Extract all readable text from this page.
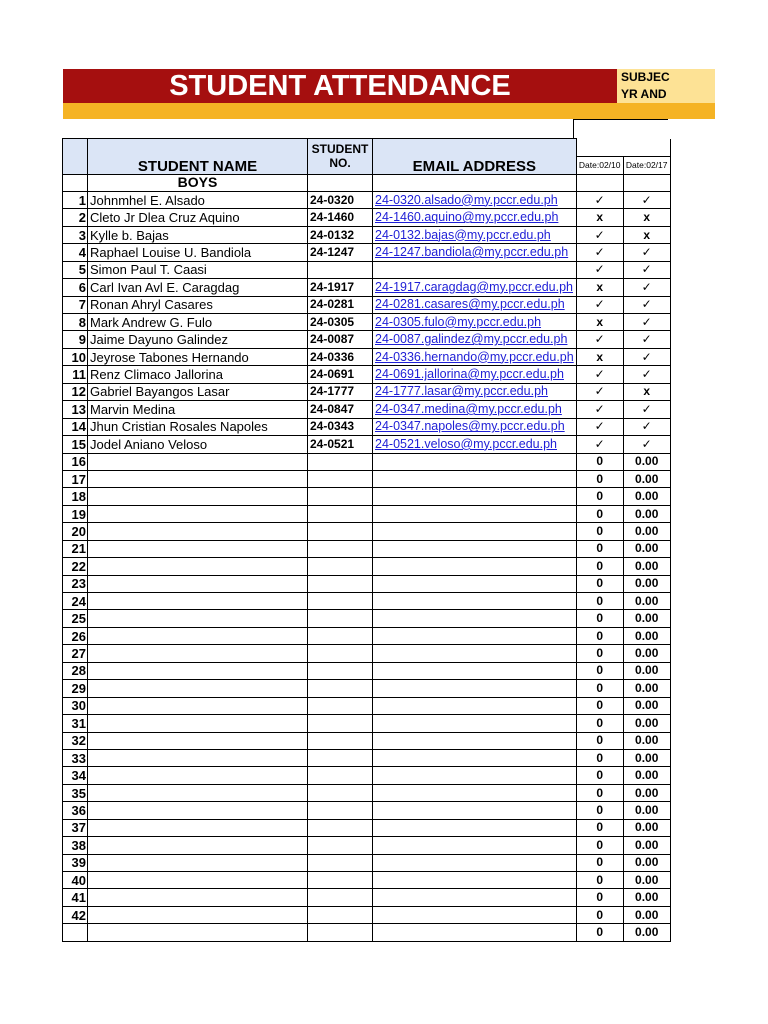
STUDENT ATTENDANCE	SUBJEC
YR AND
	STUDENT NAME	STUDENT NO.	EMAIL ADDRESS		
				Date:02/10	Date:02/17
	BOYS				
1	Johnmhel E. Alsado	24-0320	24-0320.alsado@my.pccr.edu.ph	✓	✓
2	Cleto Jr Dlea Cruz Aquino	24-1460	24-1460.aquino@my.pccr.edu.ph	x	x
3	Kylle b. Bajas	24-0132	24-0132.bajas@my.pccr.edu.ph	✓	x
4	Raphael Louise U. Bandiola	24-1247	24-1247.bandiola@my.pccr.edu.ph	✓	✓
5	Simon Paul T. Caasi			✓	✓
6	Carl Ivan Avl E. Caragdag	24-1917	24-1917.caragdag@my.pccr.edu.ph	x	✓
7	Ronan Ahryl Casares	24-0281	24-0281.casares@my.pccr.edu.ph	✓	✓
8	Mark Andrew G. Fulo	24-0305	24-0305.fulo@my.pccr.edu.ph	x	✓
9	Jaime Dayuno Galindez	24-0087	24-0087.galindez@my.pccr.edu.ph	✓	✓
10	Jeyrose Tabones Hernando	24-0336	24-0336.hernando@my.pccr.edu.ph	x	✓
11	Renz Climaco Jallorina	24-0691	24-0691.jallorina@my.pccr.edu.ph	✓	✓
12	Gabriel Bayangos Lasar	24-1777	24-1777.lasar@my.pccr.edu.ph	✓	x
13	Marvin Medina	24-0847	24-0347.medina@my.pccr.edu.ph	✓	✓
14	Jhun Cristian Rosales Napoles	24-0343	24-0347.napoles@my.pccr.edu.ph	✓	✓
15	Jodel Aniano Veloso	24-0521	24-0521.veloso@my.pccr.edu.ph	✓	✓
16				0	0.00
17				0	0.00
18				0	0.00
19				0	0.00
20				0	0.00
21				0	0.00
22				0	0.00
23				0	0.00
24				0	0.00
25				0	0.00
26				0	0.00
27				0	0.00
28				0	0.00
29				0	0.00
30				0	0.00
31				0	0.00
32				0	0.00
33				0	0.00
34				0	0.00
35				0	0.00
36				0	0.00
37				0	0.00
38				0	0.00
39				0	0.00
40				0	0.00
41				0	0.00
42				0	0.00
				0	0.00
